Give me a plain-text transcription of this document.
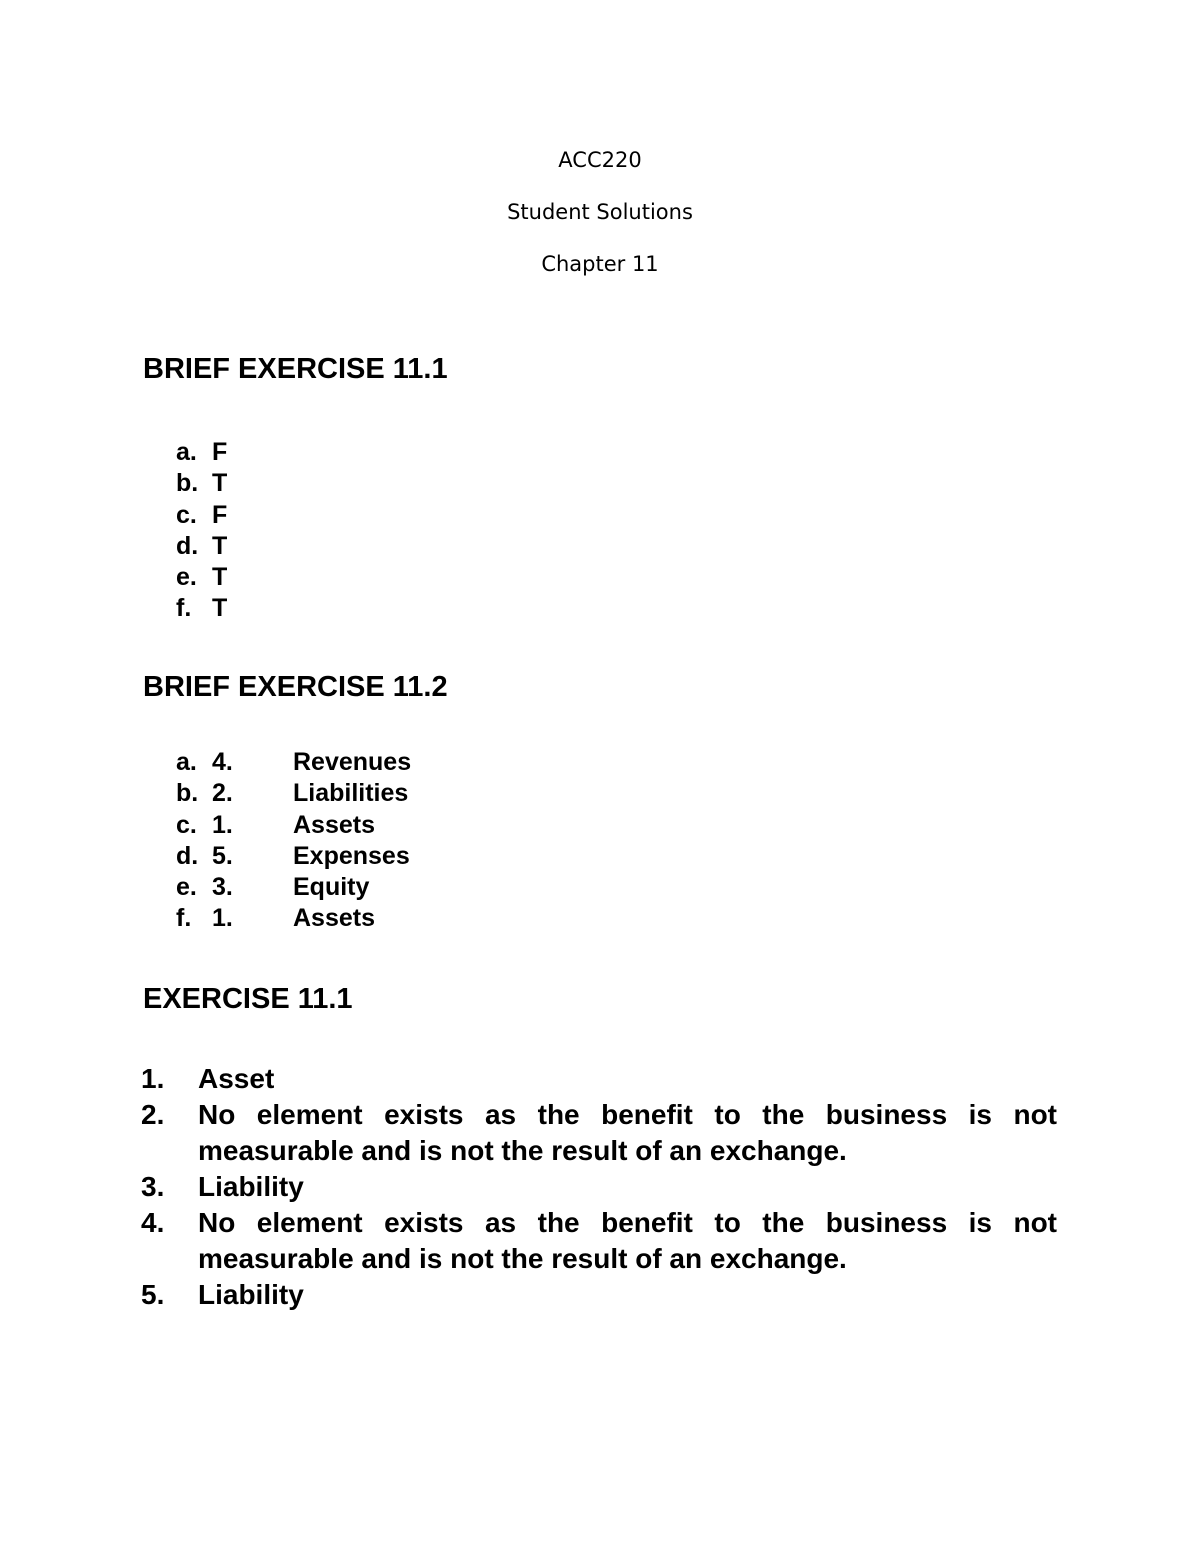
ACC220
Student Solutions
Chapter 11
BRIEF EXERCISE 11.1
a. F
b. T
c. F
d. T
e. T
f. T
BRIEF EXERCISE 11.2
a. 4. Revenues
b. 2. Liabilities
c. 1. Assets
d. 5. Expenses
e. 3. Equity
f. 1. Assets
EXERCISE 11.1
1.	Asset
2.	No element exists as the benefit to the business is not measurable and is not the result of an exchange.
3.	Liability
4.	No element exists as the benefit to the business is not measurable and is not the result of an exchange.
5.	Liability
